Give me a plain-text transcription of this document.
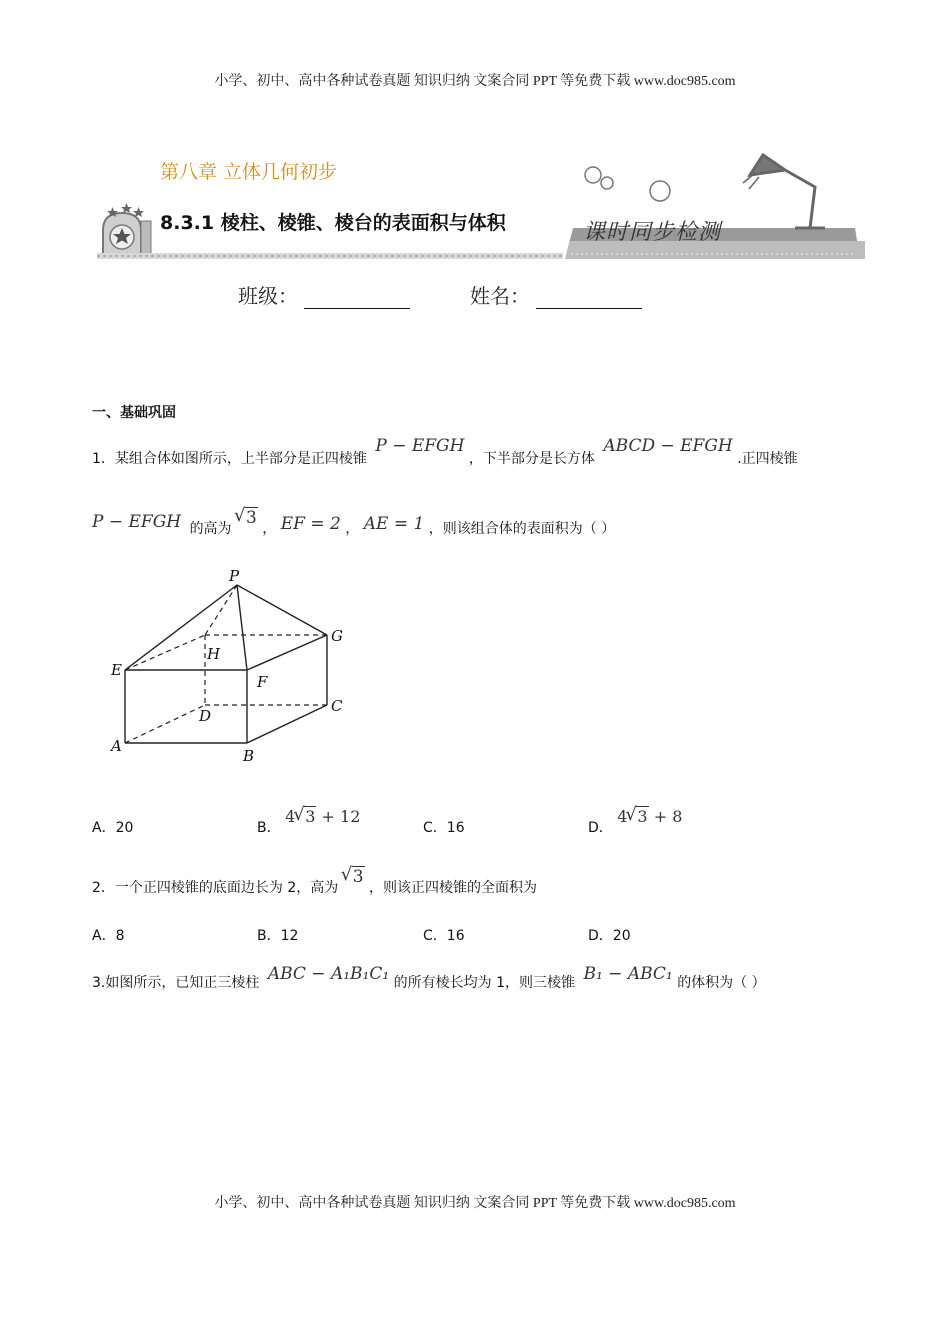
小学、初中、高中各种试卷真题 知识归纳 文案合同 PPT 等免费下载 www.doc985.com
第八章 立体几何初步
8.3.1 棱柱、棱锥、棱台的表面积与体积	课时同步检测
班级：	姓名：
一、基础巩固
1．某组合体如图所示，上半部分是正四棱锥 P − EFGH ，下半部分是长方体 ABCD − EFGH .正四棱锥
P − EFGH 的高为 √ 3 ， EF = 2 ， AE = 1 ，则该组合体的表面积为（ ）
P
E
F
G
H
A
B
C
D
A．20	B． 4 √ 3 + 12
C．16	D． 4 √ 3 + 8
2．一个正四棱锥的底面边长为 2，高为 √ 3 ，则该正四棱锥的全面积为
A．8	B．12	C．16	D．20
3.如图所示，已知正三棱柱 ABC − A₁B₁C₁ 的所有棱长均为 1，则三棱锥 B₁ − ABC₁ 的体积为（ ）
小学、初中、高中各种试卷真题 知识归纳 文案合同 PPT 等免费下载 www.doc985.com
